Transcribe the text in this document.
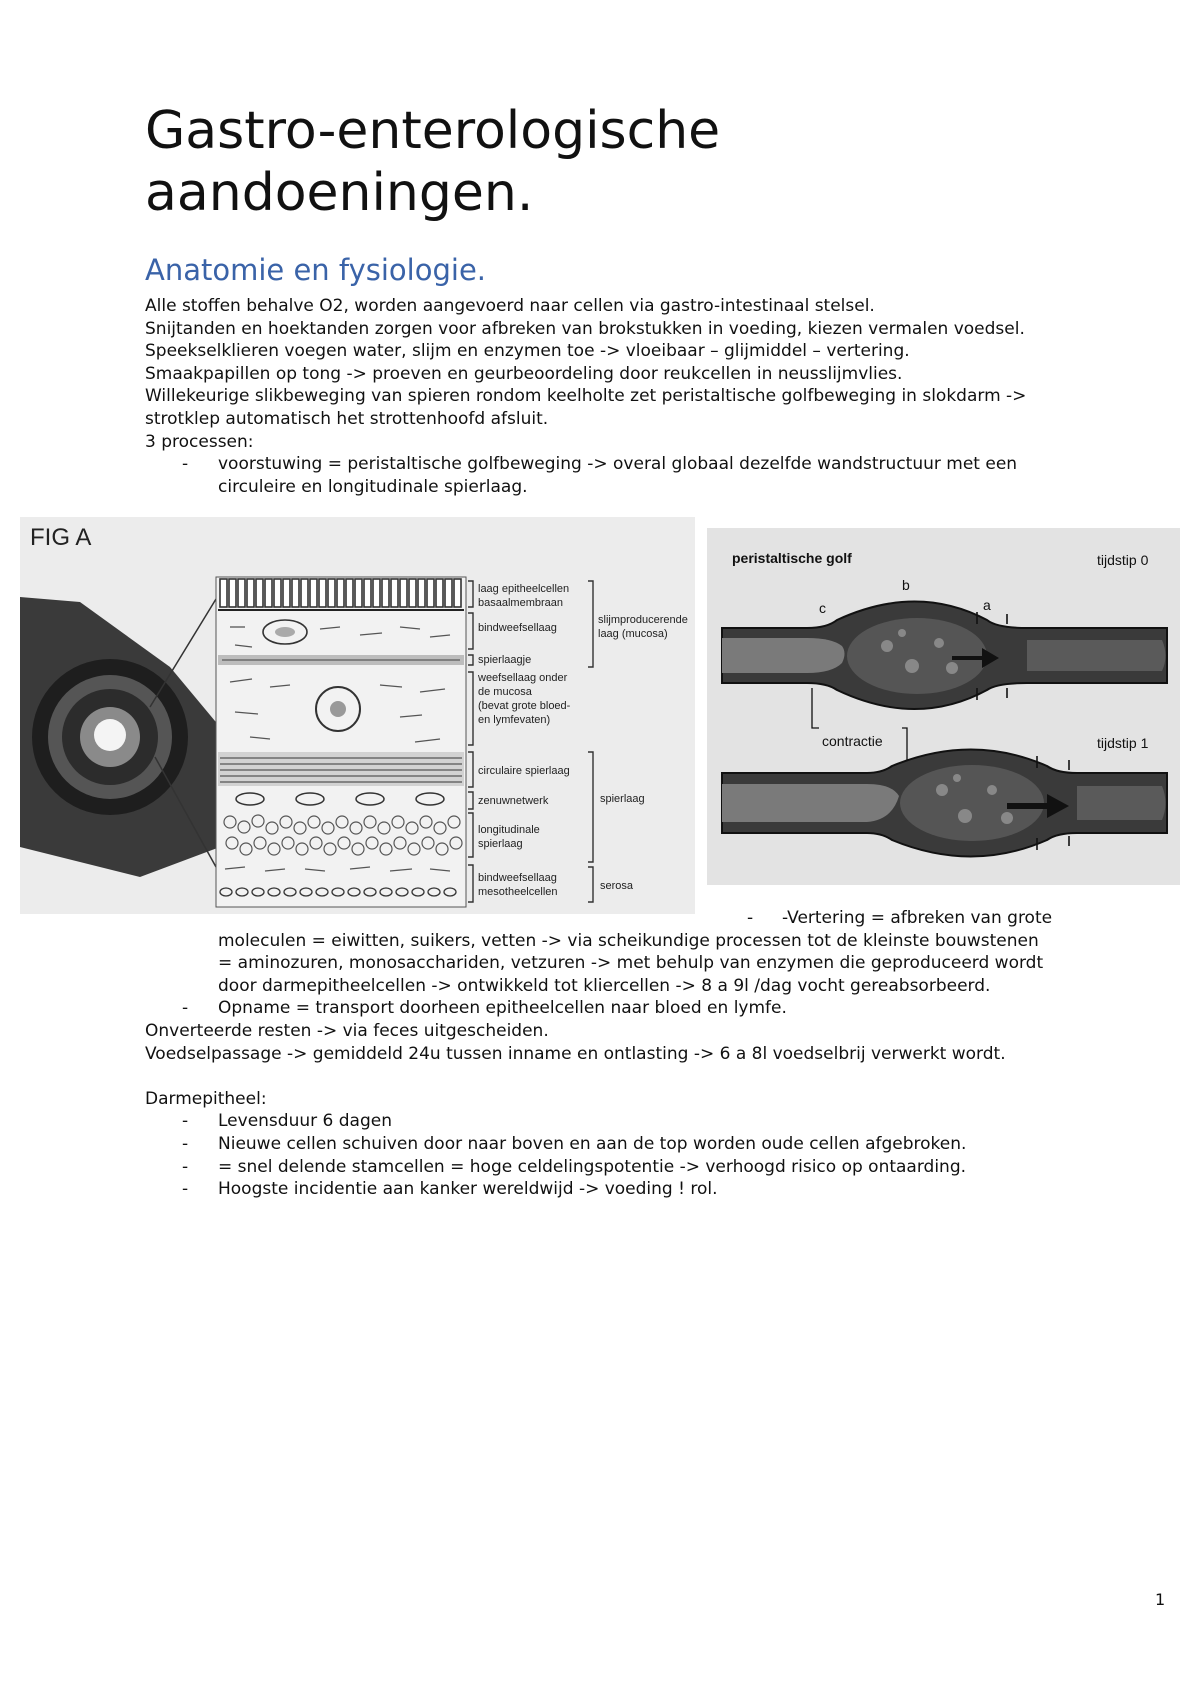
Gastro-enterologische
aandoeningen.
Anatomie en fysiologie.
Alle stoffen behalve O2, worden aangevoerd naar cellen via gastro-intestinaal stelsel.
Snijtanden en hoektanden zorgen voor afbreken van brokstukken in voeding, kiezen vermalen voedsel.
Speekselklieren voegen water, slijm en enzymen toe -> vloeibaar – glijmiddel – vertering.
Smaakpapillen op tong -> proeven en geurbeoordeling door reukcellen in neusslijmvlies.
Willekeurige slikbeweging van spieren rondom keelholte zet peristaltische golfbeweging in slokdarm ->
strotklep automatisch het strottenhoofd afsluit.
3 processen:
-	voorstuwing = peristaltische golfbeweging -> overal globaal dezelfde wandstructuur met een
circuleire en longitudinale spierlaag.
FIG A
laag epitheelcellen
basaalmembraan
bindweefsellaag
spierlaagje
weefsellaag onder
de mucosa
(bevat grote bloed-
en lymfevaten)
circulaire spierlaag
zenuwnetwerk
longitudinale
spierlaag
bindweefsellaag
mesotheelcellen
slijmproducerende
laag (mucosa)
spierlaag
serosa
peristaltische golf	tijdstip 0
tijdstip 1
contractie
b
a
c
- -Vertering = afbreken van grote
moleculen = eiwitten, suikers, vetten -> via scheikundige processen tot de kleinste bouwstenen
= aminozuren, monosacchariden, vetzuren -> met behulp van enzymen die geproduceerd wordt
door darmepitheelcellen -> ontwikkeld tot kliercellen -> 8 a 9l /dag vocht gereabsorbeerd.
-	Opname = transport doorheen epitheelcellen naar bloed en lymfe.
Onverteerde resten -> via feces uitgescheiden.
Voedselpassage -> gemiddeld 24u tussen inname en ontlasting -> 6 a 8l voedselbrij verwerkt wordt.
Darmepitheel:
-	Levensduur 6 dagen
-	Nieuwe cellen schuiven door naar boven en aan de top worden oude cellen afgebroken.
-	= snel delende stamcellen = hoge celdelingspotentie -> verhoogd risico op ontaarding.
-	Hoogste incidentie aan kanker wereldwijd -> voeding ! rol.
1
